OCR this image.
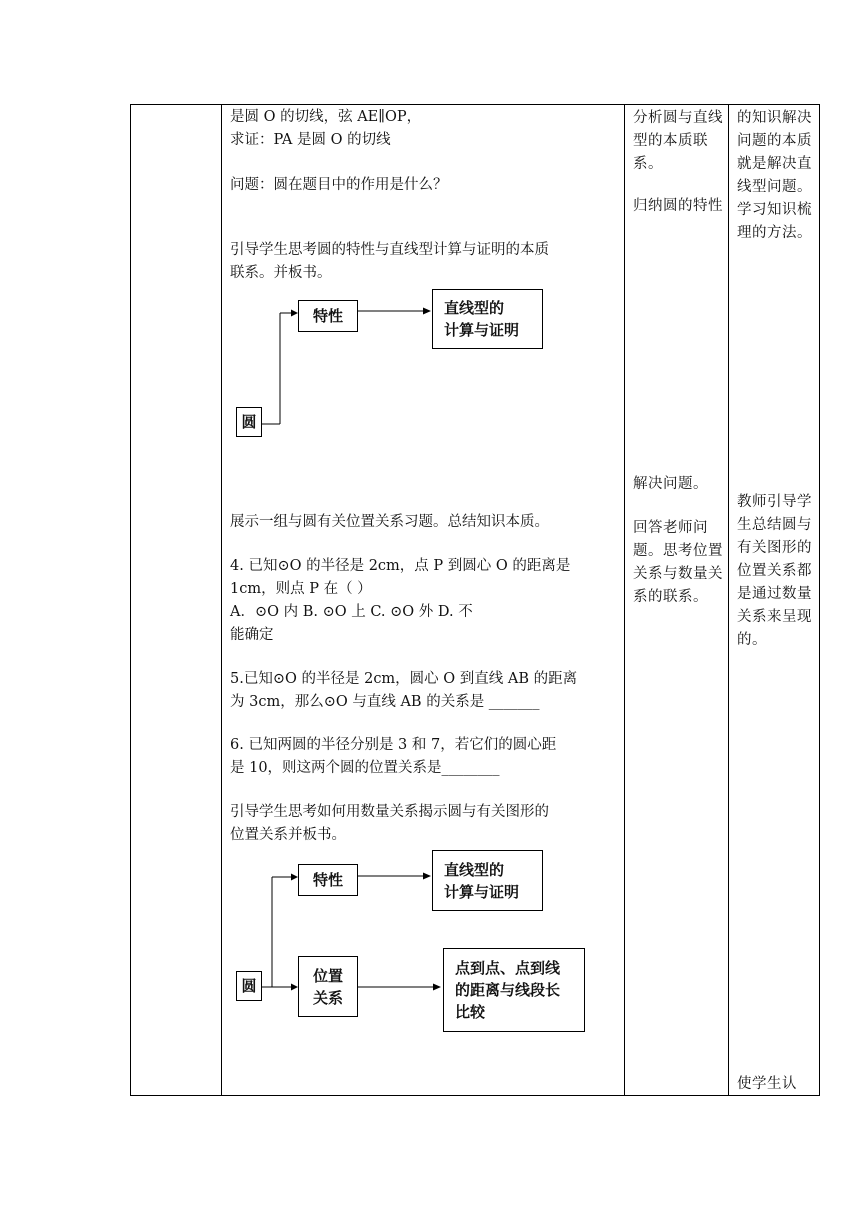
是圆 O 的切线，弦 AE∥OP，
求证：PA 是圆 O 的切线
问题：圆在题目中的作用是什么？
引导学生思考圆的特性与直线型计算与证明的本质
联系。并板书。
圆
特性	直线型的
计算与证明
展示一组与圆有关位置关系习题。总结知识本质。
4. 已知⊙O 的半径是 2cm，点 P 到圆心 O 的距离是
1cm，则点 P 在（ ）
A．⊙O 内 B. ⊙O 上 C. ⊙O 外 D. 不
能确定
5.已知⊙O 的半径是 2cm，圆心 O 到直线 AB 的距离
为 3cm，那么⊙O 与直线 AB 的关系是 _______
6. 已知两圆的半径分别是 3 和 7，若它们的圆心距
是 10，则这两个圆的位置关系是________
引导学生思考如何用数量关系揭示圆与有关图形的
位置关系并板书。
圆
特性
直线型的
计算与证明
位置
关系
点到点、点到线
的距离与线段长
比较
分析圆与直线型的本质联系。
归纳圆的特性
解决问题。
回答老师问题。思考位置关系与数量关系的联系。
的知识解决问题的本质就是解决直线型问题。学习知识梳理的方法。
教师引导学生总结圆与有关图形的位置关系都是通过数量关系来呈现的。
使学生认
